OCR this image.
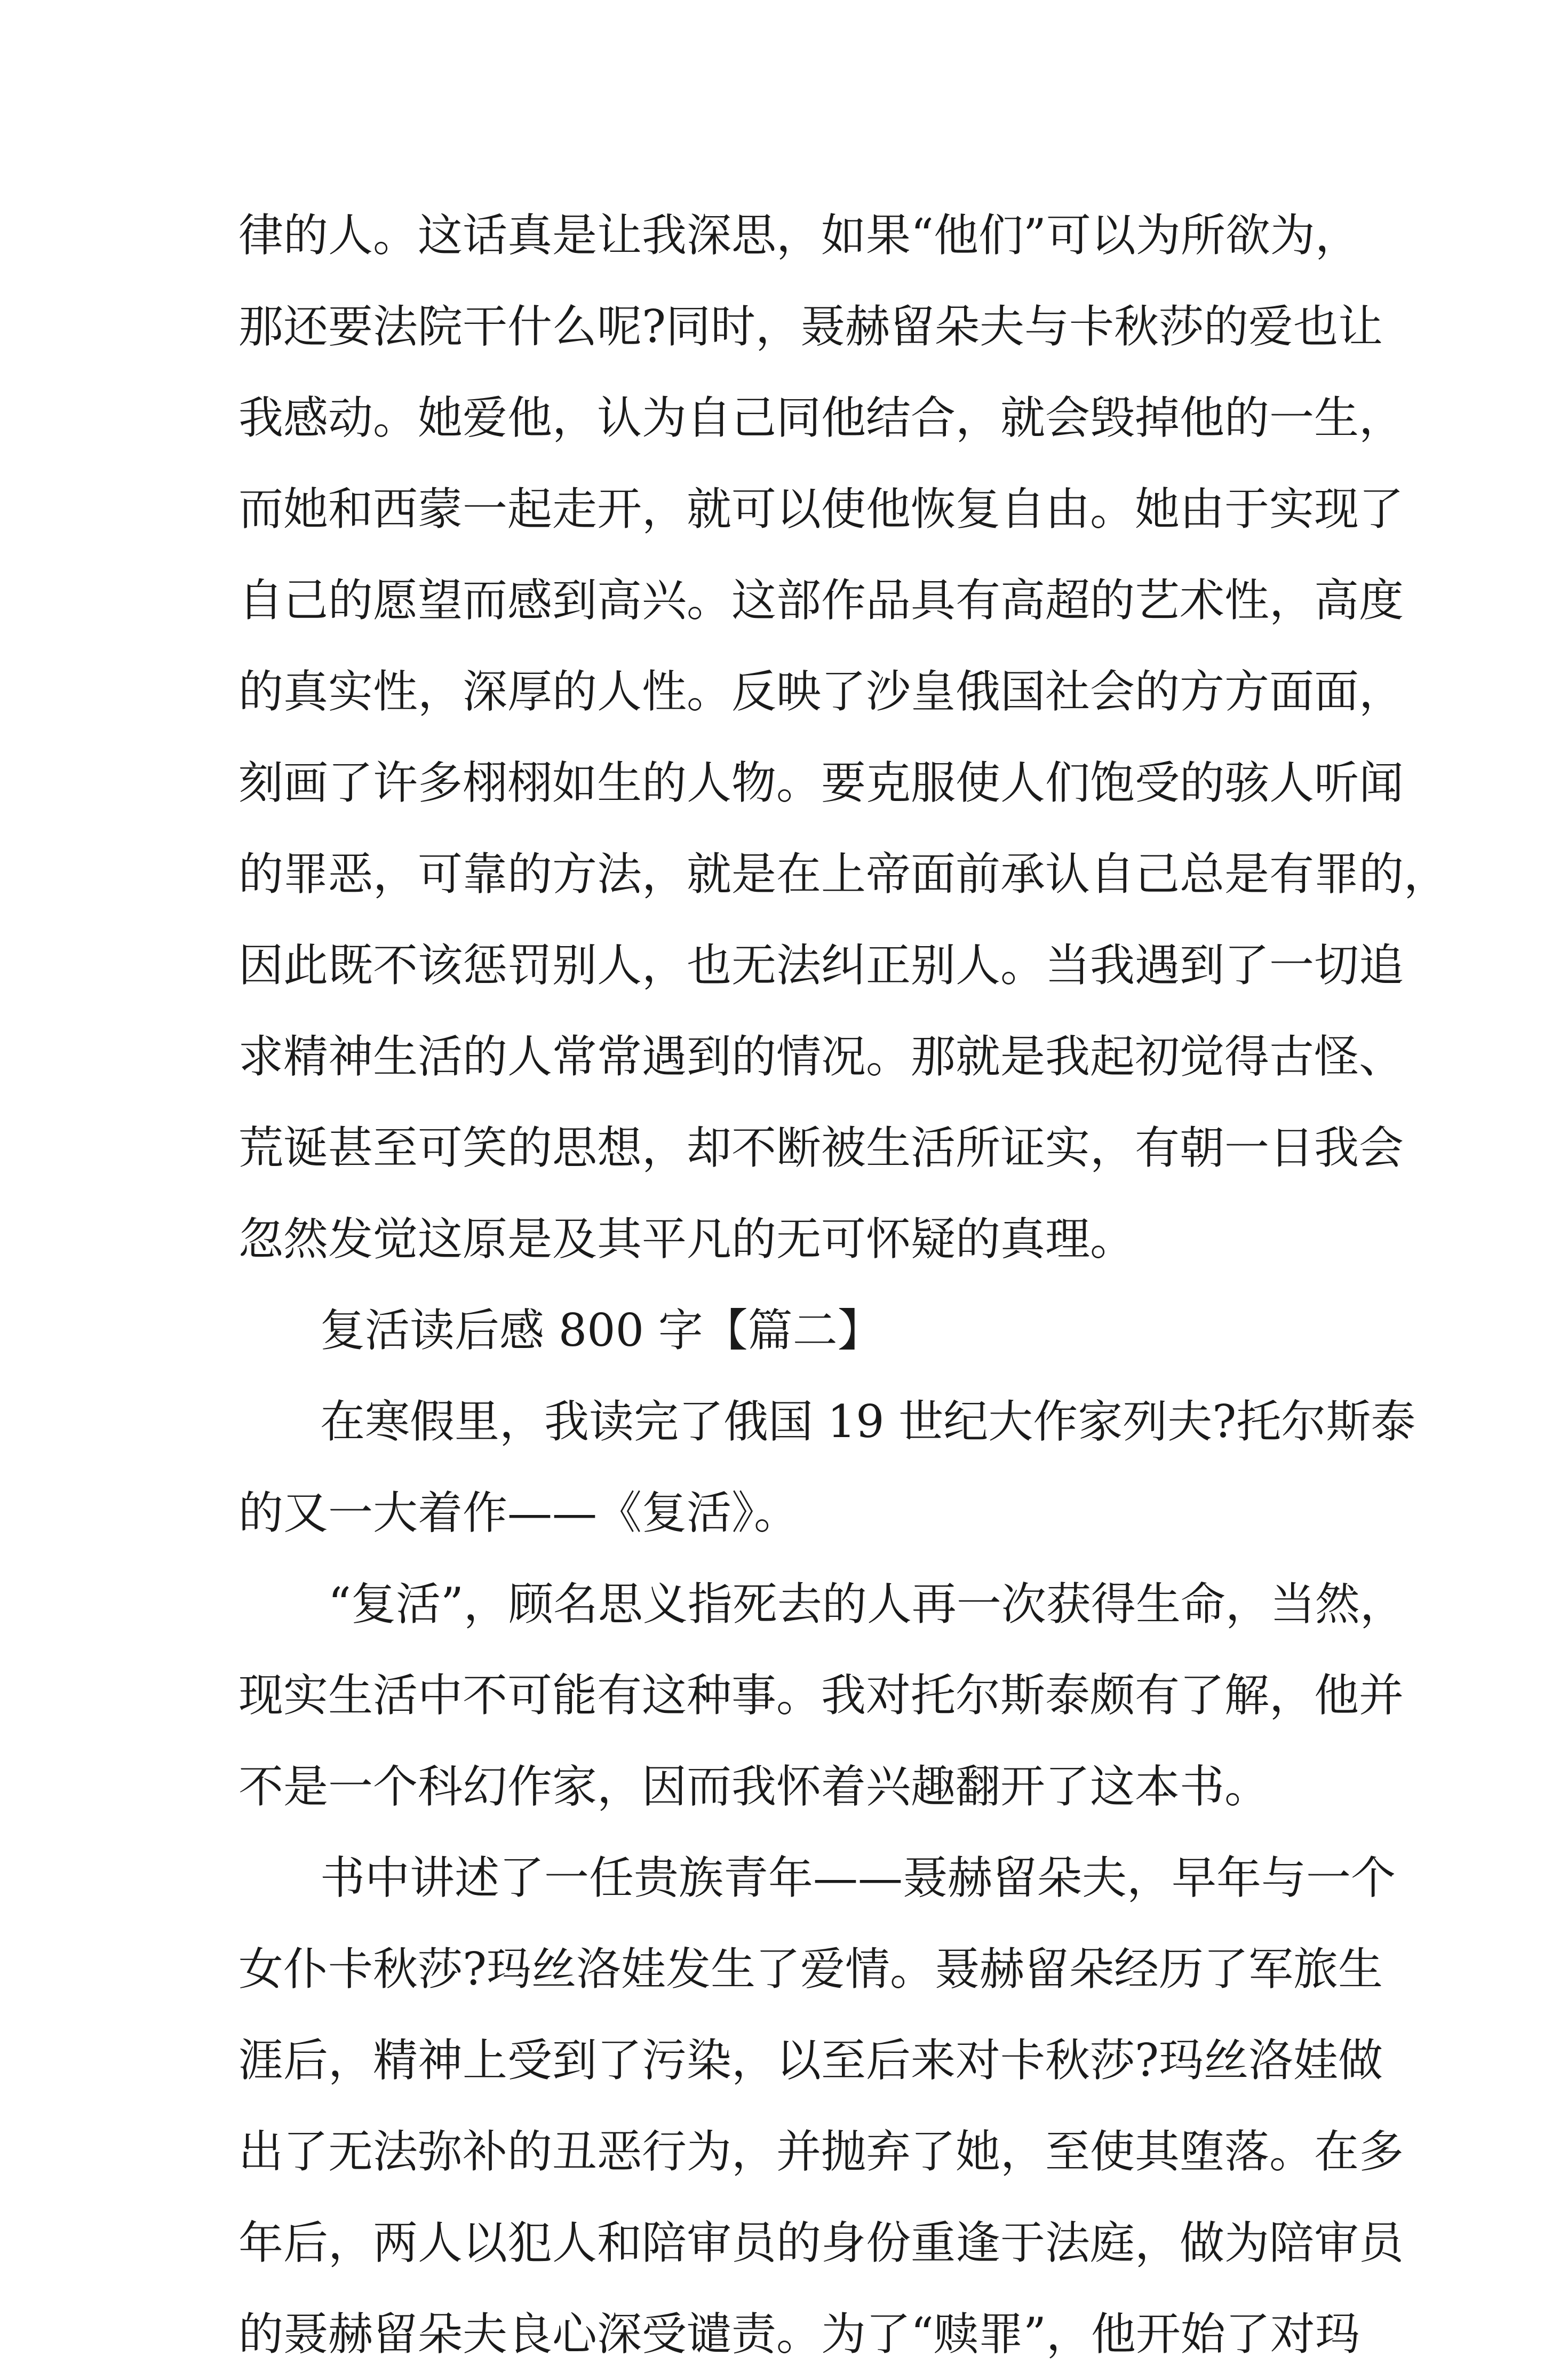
律的人。这话真是让我深思，如果“他们”可以为所欲为，
那还要法院干什么呢?同时，聂赫留朵夫与卡秋莎的爱也让
我感动。她爱他，认为自己同他结合，就会毁掉他的一生，
而她和西蒙一起走开，就可以使他恢复自由。她由于实现了
自己的愿望而感到高兴。这部作品具有高超的艺术性，高度
的真实性，深厚的人性。反映了沙皇俄国社会的方方面面，
刻画了许多栩栩如生的人物。要克服使人们饱受的骇人听闻
的罪恶，可靠的方法，就是在上帝面前承认自己总是有罪的，
因此既不该惩罚别人，也无法纠正别人。当我遇到了一切追
求精神生活的人常常遇到的情况。那就是我起初觉得古怪、
荒诞甚至可笑的思想，却不断被生活所证实，有朝一日我会
忽然发觉这原是及其平凡的无可怀疑的真理。
复活读后感 800 字【篇二】
在寒假里，我读完了俄国 19 世纪大作家列夫?托尔斯泰
的又一大着作——《复活》。
“复活”，顾名思义指死去的人再一次获得生命，当然，
现实生活中不可能有这种事。我对托尔斯泰颇有了解，他并
不是一个科幻作家，因而我怀着兴趣翻开了这本书。
书中讲述了一任贵族青年——聂赫留朵夫，早年与一个
女仆卡秋莎?玛丝洛娃发生了爱情。聂赫留朵经历了军旅生
涯后，精神上受到了污染，以至后来对卡秋莎?玛丝洛娃做
出了无法弥补的丑恶行为，并抛弃了她，至使其堕落。在多
年后，两人以犯人和陪审员的身份重逢于法庭，做为陪审员
的聂赫留朵夫良心深受谴责。为了“赎罪”，他开始了对玛
